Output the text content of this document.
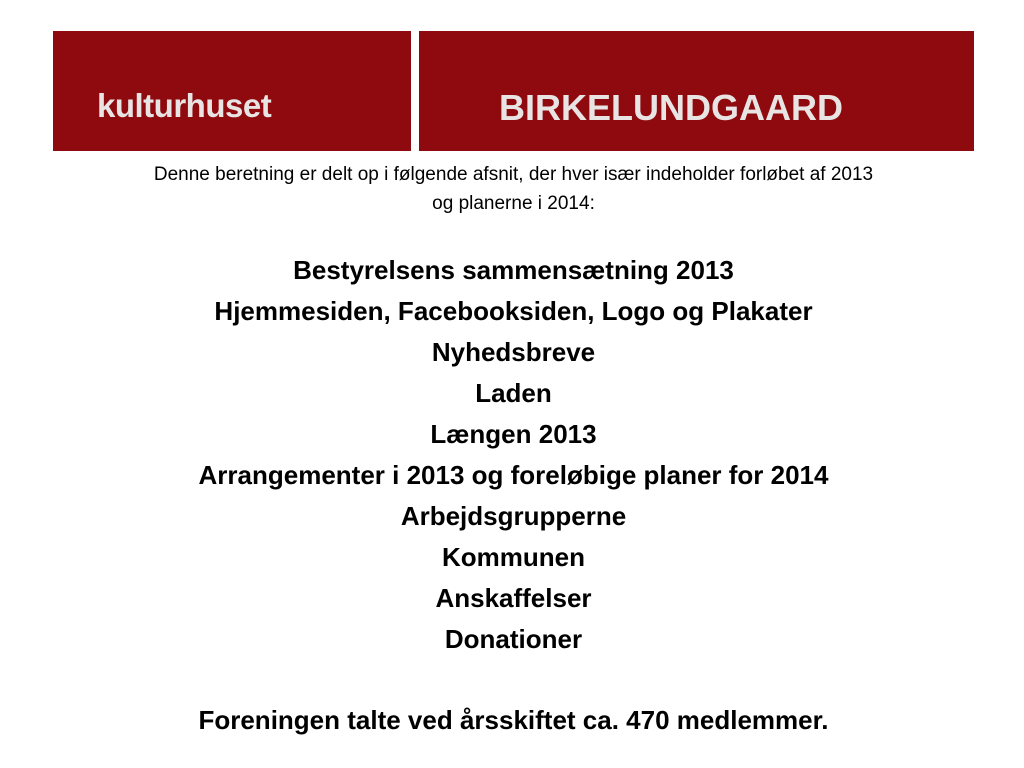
kulturhuset	BIRKELUNDGAARD
Denne beretning er delt op i følgende afsnit, der hver især indeholder forløbet af 2013
og planerne i 2014:
Bestyrelsens sammensætning 2013
Hjemmesiden, Facebooksiden, Logo og Plakater
Nyhedsbreve
Laden
Længen 2013
Arrangementer i 2013 og foreløbige planer for 2014
Arbejdsgrupperne
Kommunen
Anskaffelser
Donationer
Foreningen talte ved årsskiftet ca. 470 medlemmer.
